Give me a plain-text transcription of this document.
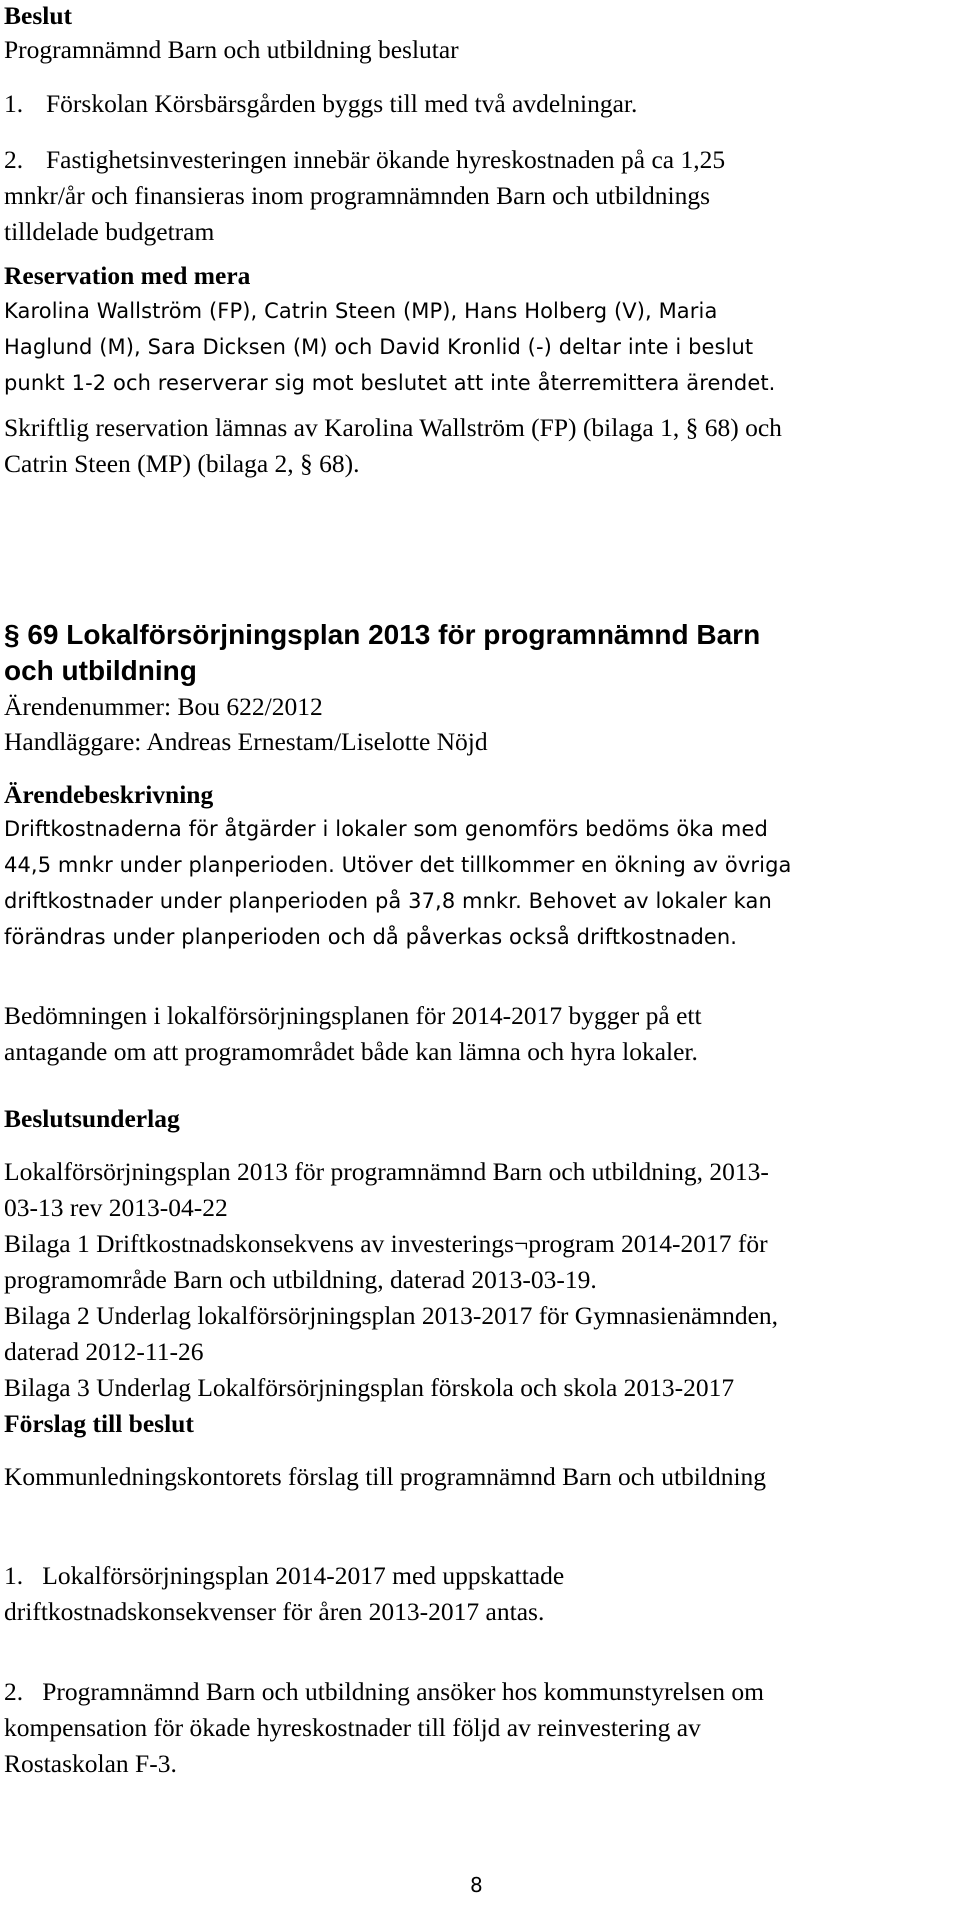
Beslut

Programnämnd Barn och utbildning beslutar

1. Förskolan Körsbärsgården byggs till med två avdelningar.

2. Fastighetsinvesteringen innebär ökande hyreskostnaden på ca 1,25

mnkr/år och finansieras inom programnämnden Barn och utbildnings

tilldelade budgetram

Reservation med mera

Karolina Wallström (FP), Catrin Steen (MP), Hans Holberg (V), Maria

Haglund (M), Sara Dicksen (M) och David Kronlid (-) deltar inte i beslut

punkt 1-2 och reserverar sig mot beslutet att inte återremittera ärendet.

Skriftlig reservation lämnas av Karolina Wallström (FP) (bilaga 1, § 68) och

Catrin Steen (MP) (bilaga 2, § 68).

§ 69 Lokalförsörjningsplan 2013 för programnämnd Barn

och utbildning

Ärendenummer: Bou 622/2012

Handläggare: Andreas Ernestam/Liselotte Nöjd

Ärendebeskrivning

Driftkostnaderna för åtgärder i lokaler som genomförs bedöms öka med

44,5 mnkr under planperioden. Utöver det tillkommer en ökning av övriga

driftkostnader under planperioden på 37,8 mnkr. Behovet av lokaler kan

förändras under planperioden och då påverkas också driftkostnaden.

Bedömningen i lokalförsörjningsplanen för 2014-2017 bygger på ett

antagande om att programområdet både kan lämna och hyra lokaler.

Beslutsunderlag

Lokalförsörjningsplan 2013 för programnämnd Barn och utbildning, 2013-

03-13 rev 2013-04-22

Bilaga 1 Driftkostnadskonsekvens av investerings¬program 2014-2017 för

programområde Barn och utbildning, daterad 2013-03-19.

Bilaga 2 Underlag lokalförsörjningsplan 2013-2017 för Gymnasienämnden,

daterad 2012-11-26

Bilaga 3 Underlag Lokalförsörjningsplan förskola och skola 2013-2017

Förslag till beslut

Kommunledningskontorets förslag till programnämnd Barn och utbildning

1.   Lokalförsörjningsplan 2014-2017 med uppskattade

driftkostnadskonsekvenser för åren 2013-2017 antas.

2.   Programnämnd Barn och utbildning ansöker hos kommunstyrelsen om

kompensation för ökade hyreskostnader till följd av reinvestering av

Rostaskolan F-3.

8
